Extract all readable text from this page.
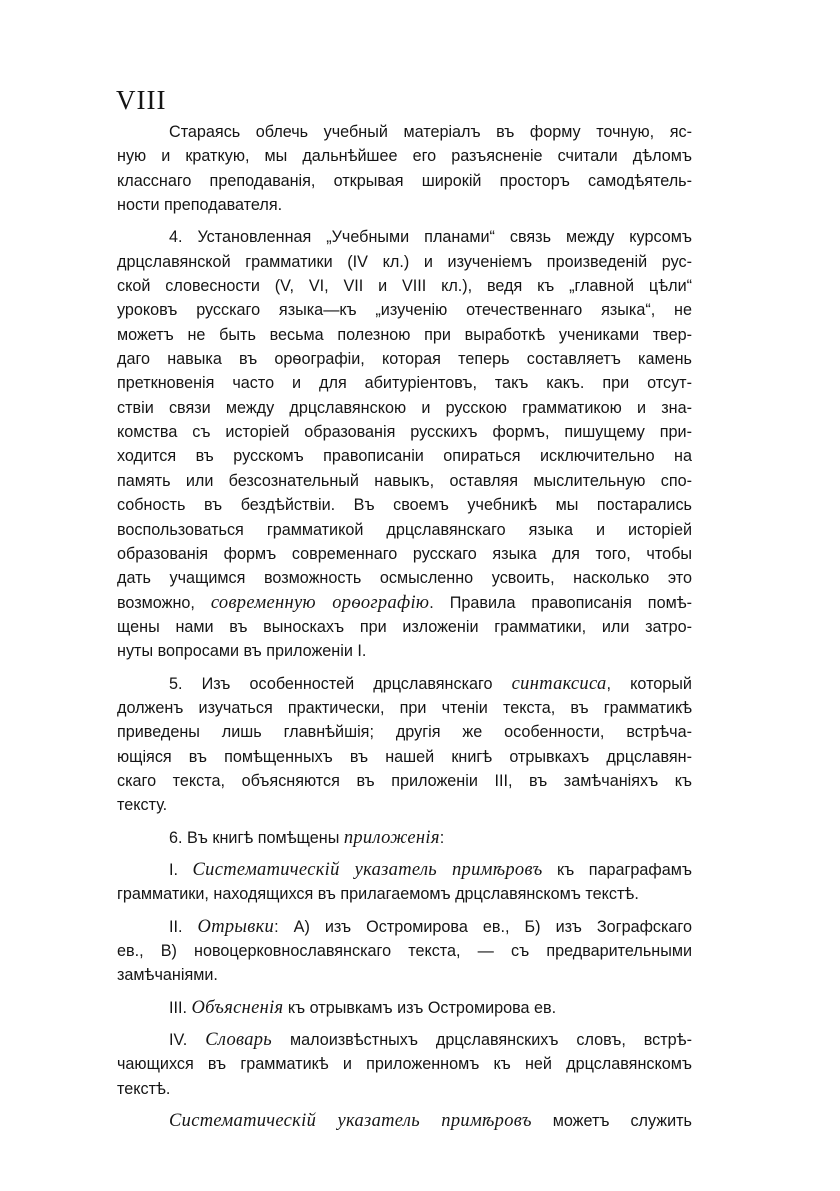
VIII
Стараясь облечь учебный матеріалъ въ форму точную, яс-
ную и краткую, мы дальнѣйшее его разъясненіе считали дѣломъ
класснаго преподаванія, открывая широкій просторъ самодѣятель-
ности преподавателя.
4. Установленная „Учебными планами“ связь между курсомъ
дрцславянской грамматики (IV кл.) и изученіемъ произведеній рус-
ской словесности (V, VI, VII и VIII кл.), ведя къ „главной цѣли“
уроковъ русскаго языка—къ „изученію отечественнаго языка“, не
можетъ не быть весьма полезною при выработкѣ учениками твер-
даго навыка въ орѳографіи, которая теперь составляетъ камень
преткновенія часто и для абитуріентовъ, такъ какъ. при отсут-
ствіи связи между дрцславянскою и русскою грамматикою и зна-
комства съ исторіей образованія русскихъ формъ, пишущему при-
ходится въ русскомъ правописаніи опираться исключительно на
память или безсознательный навыкъ, оставляя мыслительную спо-
собность въ бездѣйствіи. Въ своемъ учебникѣ мы постарались
воспользоваться грамматикой дрцславянскаго языка и исторіей
образованія формъ современнаго русскаго языка для того, чтобы
дать учащимся возможность осмысленно усвоить, насколько это
возможно, современную орѳографію. Правила правописанія помѣ-
щены нами въ выноскахъ при изложеніи грамматики, или затро-
нуты вопросами въ приложеніи I.
5. Изъ особенностей дрцславянскаго синтаксиса, который
долженъ изучаться практически, при чтеніи текста, въ грамматикѣ
приведены лишь главнѣйшія; другія же особенности, встрѣча-
ющіяся въ помѣщенныхъ въ нашей книгѣ отрывкахъ дрцславян-
скаго текста, объясняются въ приложеніи III, въ замѣчаніяхъ къ
тексту.
6. Въ книгѣ помѣщены приложенія:
I. Систематическій указатель примѣровъ къ параграфамъ
грамматики, находящихся въ прилагаемомъ дрцславянскомъ текстѣ.
II. Отрывки: А) изъ Остромирова ев., Б) изъ Зографскаго
ев., В) новоцерковнославянскаго текста, — съ предварительными
замѣчаніями.
III. Объясненія къ отрывкамъ изъ Остромирова ев.
IV. Словарь малоизвѣстныхъ дрцславянскихъ словъ, встрѣ-
чающихся въ грамматикѣ и приложенномъ къ ней дрцславянскомъ
текстѣ.
Систематическій указатель примѣровъ можетъ служить
